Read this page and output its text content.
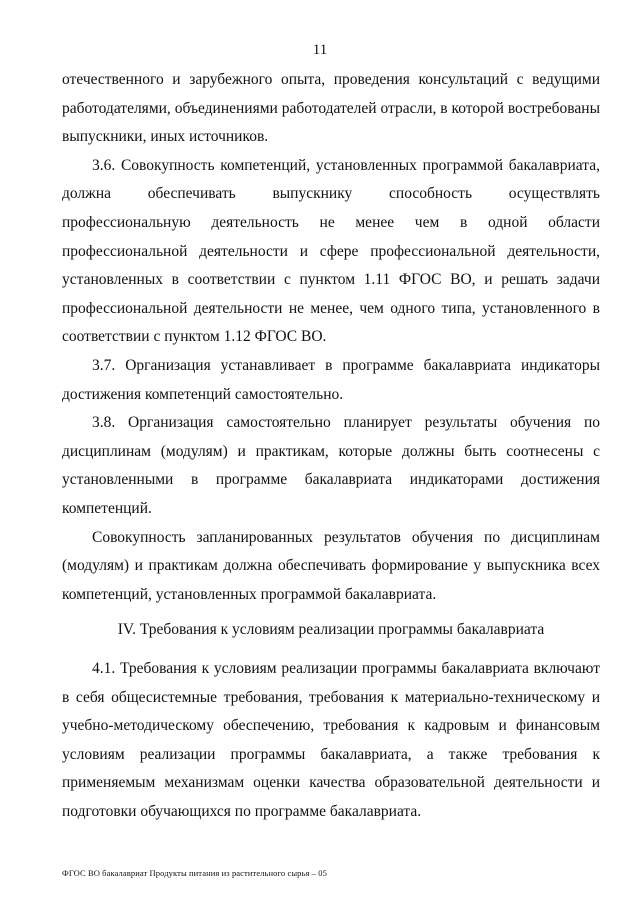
11

отечественного и зарубежного опыта, проведения консультаций с ведущими работодателями, объединениями работодателей отрасли, в которой востребованы выпускники, иных источников.

3.6. Совокупность компетенций, установленных программой бакалавриата, должна обеспечивать выпускнику способность осуществлять профессиональную деятельность не менее чем в одной области профессиональной деятельности и сфере профессиональной деятельности, установленных в соответствии с пунктом 1.11 ФГОС ВО, и решать задачи профессиональной деятельности не менее, чем одного типа, установленного в соответствии с пунктом 1.12 ФГОС ВО.

3.7. Организация устанавливает в программе бакалавриата индикаторы достижения компетенций самостоятельно.

3.8. Организация самостоятельно планирует результаты обучения по дисциплинам (модулям) и практикам, которые должны быть соотнесены с установленными в программе бакалавриата индикаторами достижения компетенций.

Совокупность запланированных результатов обучения по дисциплинам (модулям) и практикам должна обеспечивать формирование у выпускника всех компетенций, установленных программой бакалавриата.

IV. Требования к условиям реализации программы бакалавриата

4.1. Требования к условиям реализации программы бакалавриата включают в себя общесистемные требования, требования к материально-техническому и учебно-методическому обеспечению, требования к кадровым и финансовым условиям реализации программы бакалавриата, а также требования к применяемым механизмам оценки качества образовательной деятельности и подготовки обучающихся по программе бакалавриата.

ФГОС ВО бакалавриат Продукты питания из растительного сырья – 05
